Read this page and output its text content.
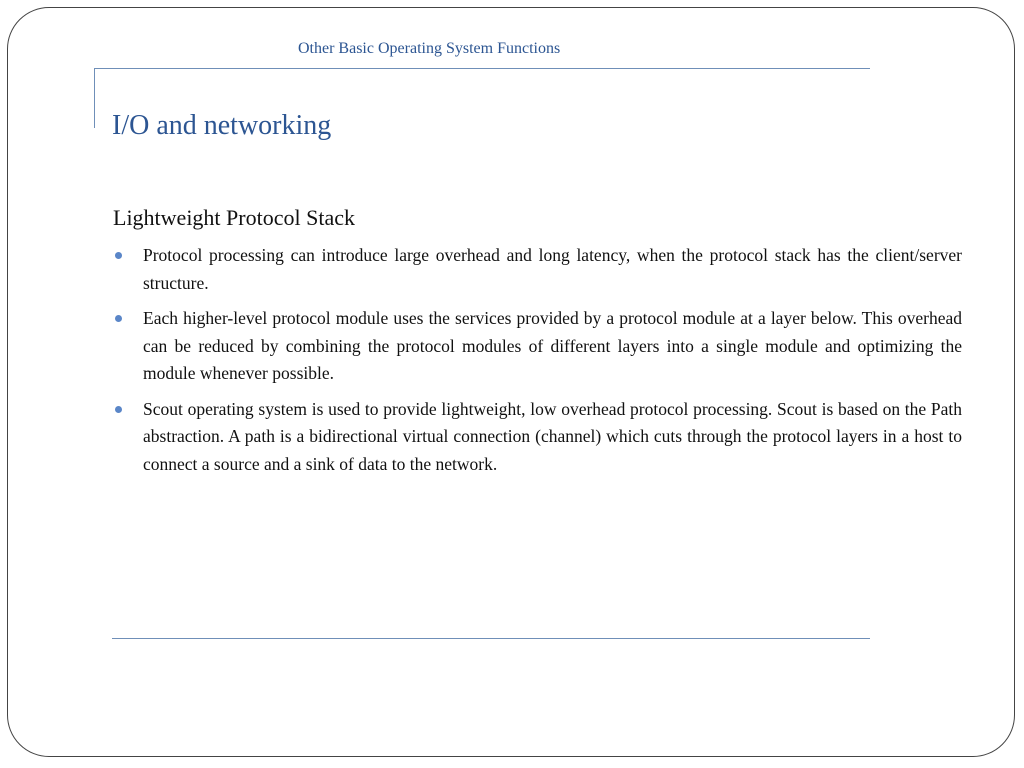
Other Basic Operating System Functions
I/O and networking
Lightweight Protocol Stack
Protocol processing can introduce large overhead and long latency, when the protocol stack has the client/server structure.
Each higher-level protocol module uses the services provided by a protocol module at a layer below. This overhead can be reduced by combining the protocol modules of different layers into a single module and optimizing the module whenever possible.
Scout operating system is used to provide lightweight, low overhead protocol processing. Scout is based on the Path abstraction. A path is a bidirectional virtual connection (channel) which cuts through the protocol layers in a host to connect a source and a sink of data to the network.
